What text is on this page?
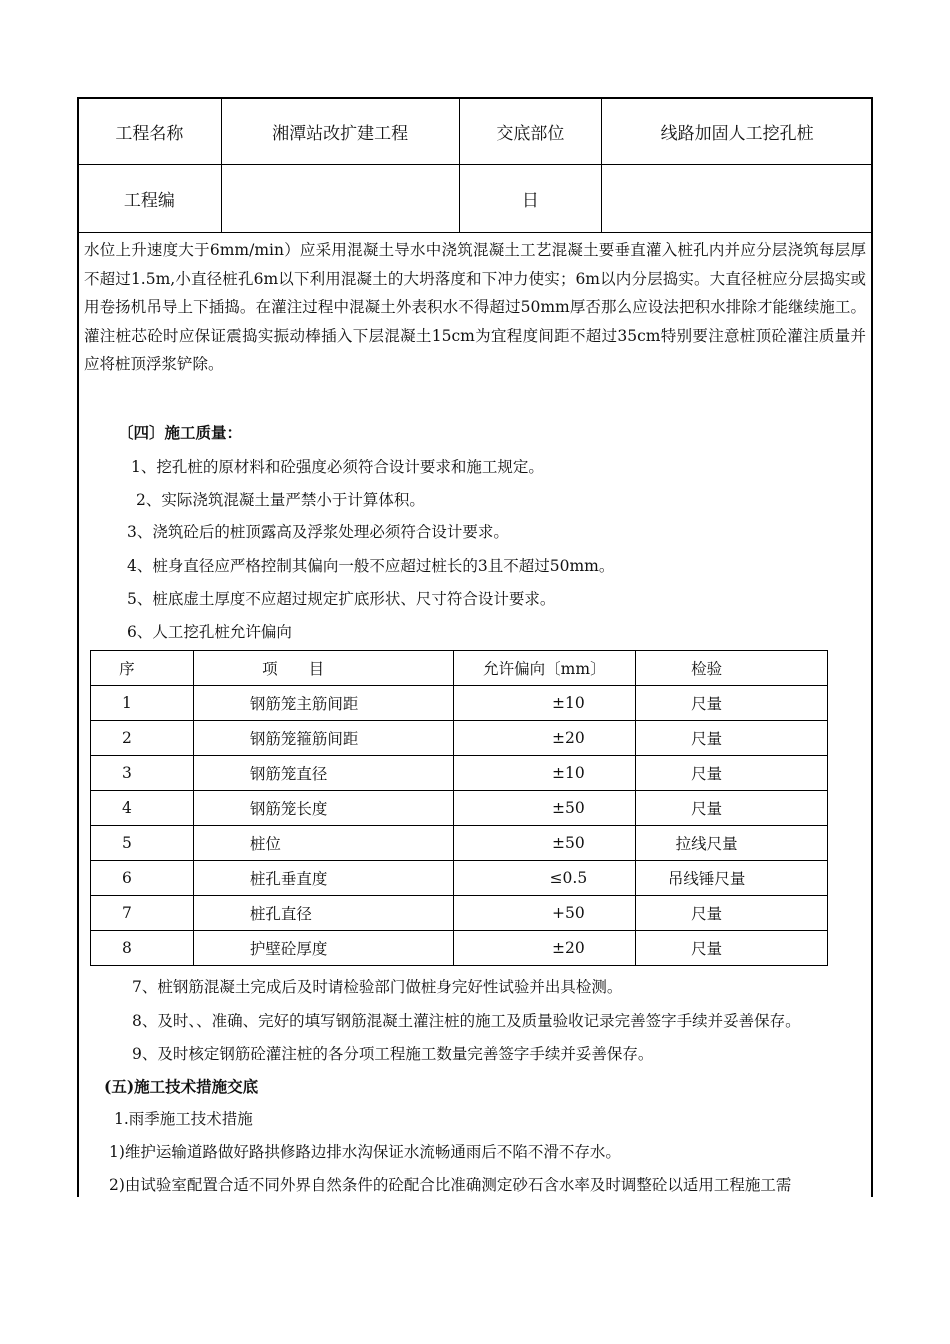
工程名称	湘潭站改扩建工程	交底部位	线路加固人工挖孔桩
工程编		日	

水位上升速度大于6mm/min）应采用混凝土导水中浇筑混凝土工艺混凝土要垂直灌入桩孔内并应分层浇筑每层厚不超过1.5m,小直径桩孔6m以下利用混凝土的大坍落度和下冲力使实；6m以内分层捣实。大直径桩应分层捣实或用卷扬机吊导上下插捣。在灌注过程中混凝土外表积水不得超过50mm厚否那么应设法把积水排除才能继续施工。灌注桩芯砼时应保证震捣实振动棒插入下层混凝土15cm为宜程度间距不超过35cm特别要注意桩顶砼灌注质量并应将桩顶浮浆铲除。

〔四〕施工质量：
1、挖孔桩的原材料和砼强度必须符合设计要求和施工规定。
2、实际浇筑混凝土量严禁小于计算体积。
3、浇筑砼后的桩顶露高及浮浆处理必须符合设计要求。
4、桩身直径应严格控制其偏向一般不应超过桩长的3且不超过50mm。
5、桩底虚土厚度不应超过规定扩底形状、尺寸符合设计要求。
6、人工挖孔桩允许偏向
7、桩钢筋混凝土完成后及时请检验部门做桩身完好性试验并出具检测。
8、及时、、准确、完好的填写钢筋混凝土灌注桩的施工及质量验收记录完善签字手续并妥善保存。
9、及时核定钢筋砼灌注桩的各分项工程施工数量完善签字手续并妥善保存。
(五)施工技术措施交底
1.雨季施工技术措施
1)维护运输道路做好路拱修路边排水沟保证水流畅通雨后不陷不滑不存水。
2)由试验室配置合适不同外界自然条件的砼配合比准确测定砂石含水率及时调整砼以适用工程施工需
序	项　　目	允许偏向〔mm〕	检验
1	钢筋笼主筋间距	±10	尺量
2	钢筋笼箍筋间距	±20	尺量
3	钢筋笼直径	±10	尺量
4	钢筋笼长度	±50	尺量
5	桩位	±50	拉线尺量
6	桩孔垂直度	≤0.5	吊线锤尺量
7	桩孔直径	+50	尺量
8	护壁砼厚度	±20	尺量
